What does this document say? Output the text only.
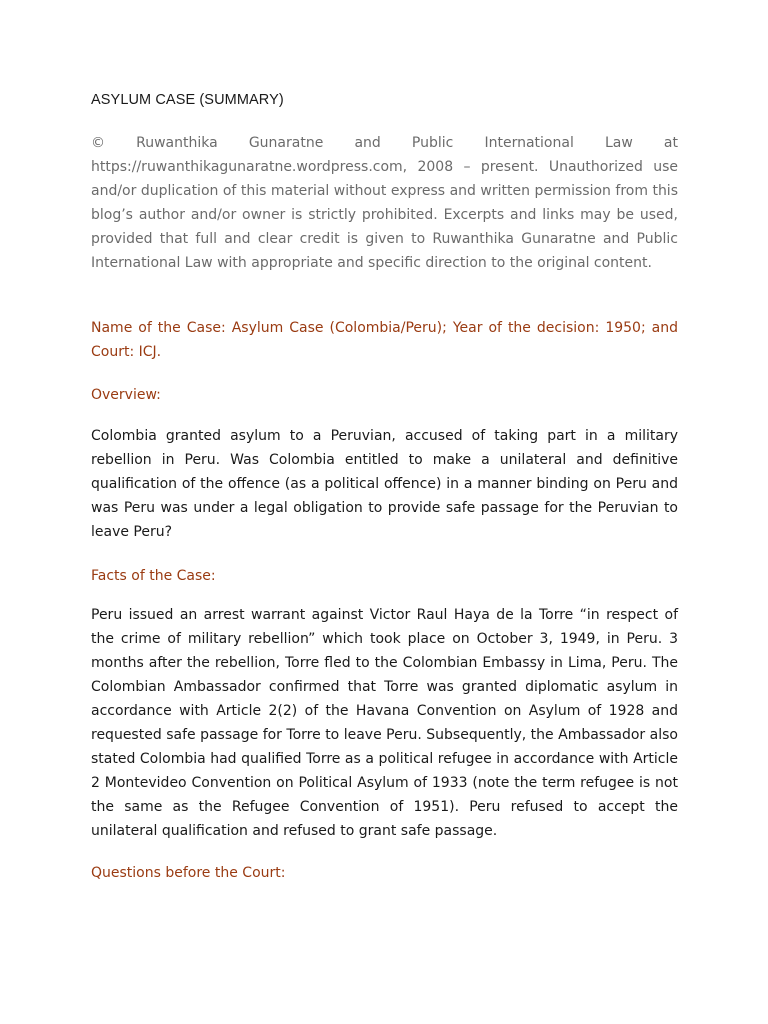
ASYLUM CASE (SUMMARY)

© Ruwanthika Gunaratne and Public International Law at https://ruwanthikagunaratne.wordpress.com, 2008 – present. Unauthorized use and/or duplication of this material without express and written permission from this blog’s author and/or owner is strictly prohibited. Excerpts and links may be used, provided that full and clear credit is given to Ruwanthika Gunaratne and Public International Law with appropriate and specific direction to the original content.

Name of the Case: Asylum Case (Colombia/Peru); Year of the decision: 1950; and Court: ICJ.

Overview:

Colombia granted asylum to a Peruvian, accused of taking part in a military rebellion in Peru. Was Colombia entitled to make a unilateral and definitive qualification of the offence (as a political offence) in a manner binding on Peru and was Peru was under a legal obligation to provide safe passage for the Peruvian to leave Peru?

Facts of the Case:

Peru issued an arrest warrant against Victor Raul Haya de la Torre “in respect of the crime of military rebellion” which took place on October 3, 1949, in Peru. 3 months after the rebellion, Torre fled to the Colombian Embassy in Lima, Peru. The Colombian Ambassador confirmed that Torre was granted diplomatic asylum in accordance with Article 2(2) of the Havana Convention on Asylum of 1928 and requested safe passage for Torre to leave Peru. Subsequently, the Ambassador also stated Colombia had qualified Torre as a political refugee in accordance with Article 2 Montevideo Convention on Political Asylum of 1933 (note the term refugee is not the same as the Refugee Convention of 1951). Peru refused to accept the unilateral qualification and refused to grant safe passage.

Questions before the Court:
